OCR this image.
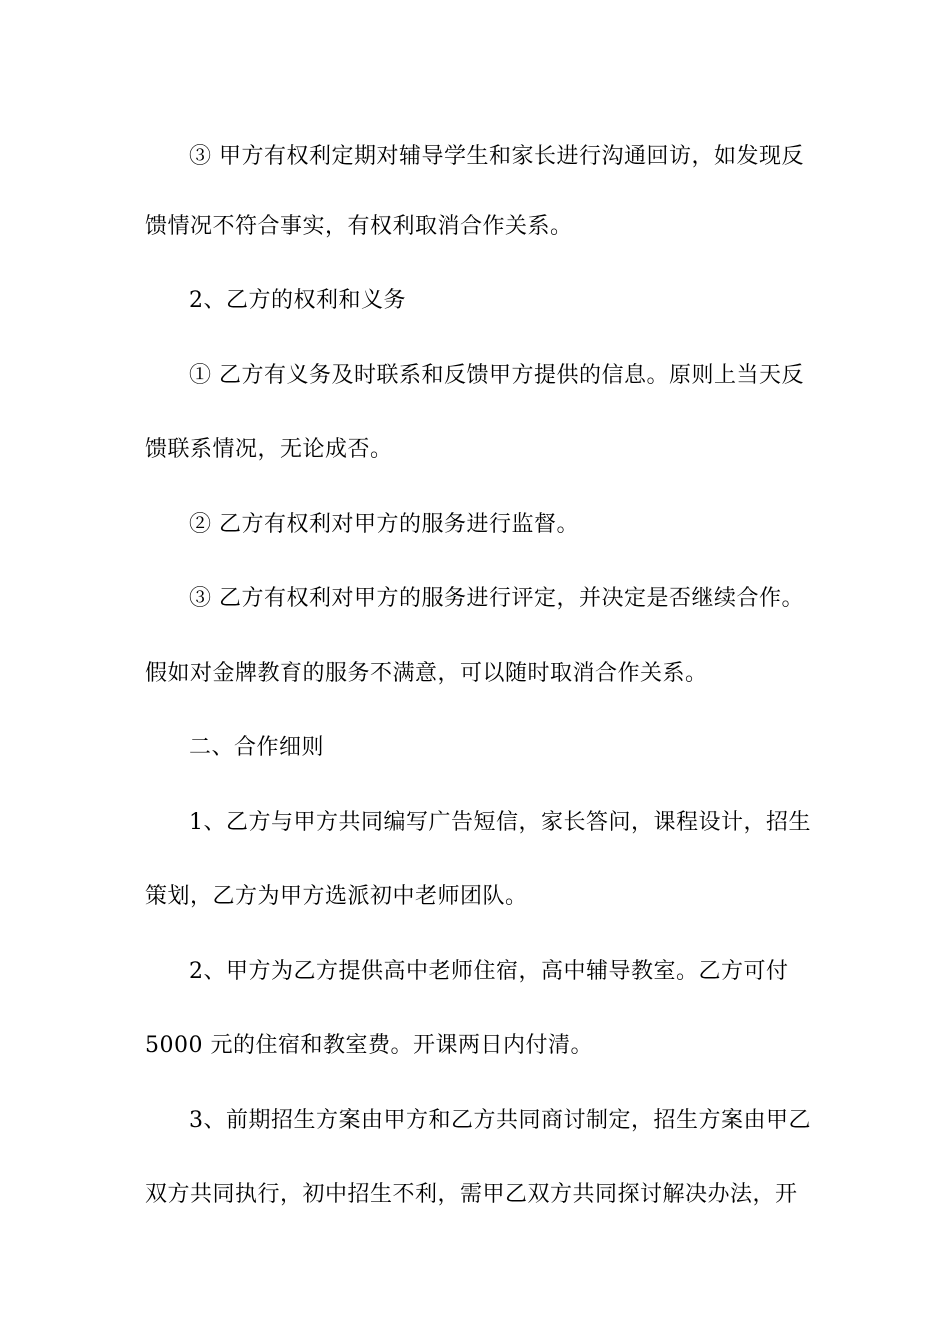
③ 甲方有权利定期对辅导学生和家长进行沟通回访，如发现反
馈情况不符合事实，有权利取消合作关系。
2、乙方的权利和义务
① 乙方有义务及时联系和反馈甲方提供的信息。原则上当天反
馈联系情况，无论成否。
② 乙方有权利对甲方的服务进行监督。
③ 乙方有权利对甲方的服务进行评定，并决定是否继续合作。
假如对金牌教育的服务不满意，可以随时取消合作关系。
二、合作细则
1、乙方与甲方共同编写广告短信，家长答问，课程设计，招生
策划，乙方为甲方选派初中老师团队。
2、甲方为乙方提供高中老师住宿，高中辅导教室。乙方可付
5000 元的住宿和教室费。开课两日内付清。
3、前期招生方案由甲方和乙方共同商讨制定，招生方案由甲乙
双方共同执行，初中招生不利，需甲乙双方共同探讨解决办法，开
